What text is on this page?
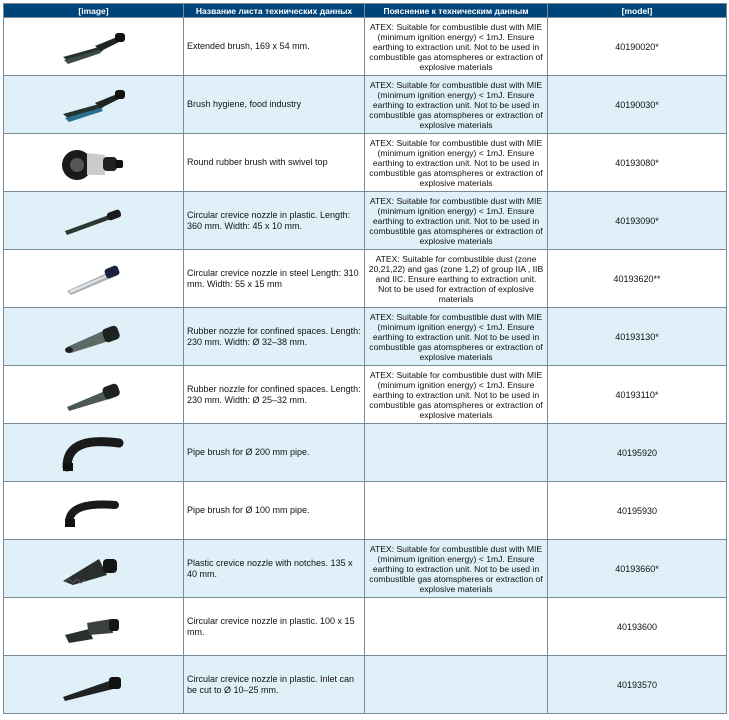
[image]	Название листа технических данных	Пояснение к техническим данным	[model]

	Extended brush, 169 x 54 mm.	ATEX: Suitable for combustible dust with MIE (minimum ignition energy) < 1mJ. Ensure earthing to extraction unit. Not to be used in combustible gas atomspheres or extraction of explosive materials	40190020*

	Brush hygiene, food industry	ATEX: Suitable for combustible dust with MIE (minimum ignition energy) < 1mJ. Ensure earthing to extraction unit. Not to be used in combustible gas atomspheres or extraction of explosive materials	40190030*

	Round rubber brush with swivel top	ATEX: Suitable for combustible dust with MIE (minimum ignition energy) < 1mJ. Ensure earthing to extraction unit. Not to be used in combustible gas atomspheres or extraction of explosive materials	40193080*

	Circular crevice nozzle in plastic. Length: 360 mm. Width: 45 x 10 mm.	ATEX: Suitable for combustible dust with MIE (minimum ignition energy) < 1mJ. Ensure earthing to extraction unit. Not to be used in combustible gas atomspheres or extraction of explosive materials	40193090*

	Circular crevice nozzle in steel Length: 310 mm. Width: 55 x 15 mm	ATEX: Suitable for combustible dust (zone 20,21,22) and gas (zone 1,2) of group IIA , IIB and IIC. Ensure earthing to extraction unit. Not to be used for extraction of explosive materials	40193620**

	Rubber nozzle for confined spaces. Length: 230 mm. Width: Ø 32–38 mm.	ATEX: Suitable for combustible dust with MIE (minimum ignition energy) < 1mJ. Ensure earthing to extraction unit. Not to be used in combustible gas atomspheres or extraction of explosive materials	40193130*

	Rubber nozzle for confined spaces. Length: 230 mm. Width: Ø 25–32 mm.	ATEX: Suitable for combustible dust with MIE (minimum ignition energy) < 1mJ. Ensure earthing to extraction unit. Not to be used in combustible gas atomspheres or extraction of explosive materials	40193110*

	Pipe brush for Ø 200 mm pipe.		40195920

	Pipe brush for Ø 100 mm pipe.		40195930

	Plastic crevice nozzle with notches. 135 x 40 mm.	ATEX: Suitable for combustible dust with MIE (minimum ignition energy) < 1mJ. Ensure earthing to extraction unit. Not to be used in combustible gas atomspheres or extraction of explosive materials	40193660*

	Circular crevice nozzle in plastic. 100 x 15 mm.		40193600

	Circular crevice nozzle in plastic. Inlet can be cut to Ø 10–25 mm.		40193570
